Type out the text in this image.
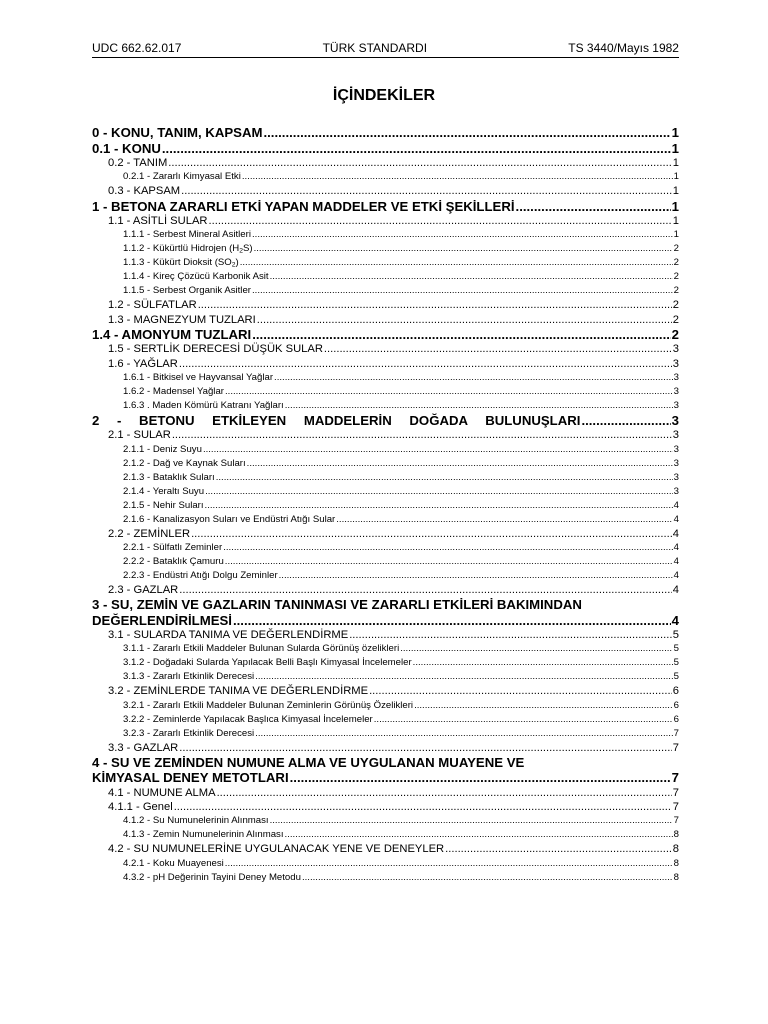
UDC 662.62.017	TÜRK STANDARDI	TS 3440/Mayıs 1982
İÇİNDEKİLER
0 - KONU, TANIM, KAPSAM .....	1
0.1 - KONU .....	1
0.2 - TANIM .....	1
0.2.1 - Zararlı Kimyasal Etki .....	1
0.3 - KAPSAM .....	1
1 - BETONA ZARARLI ETKİ YAPAN MADDELER VE ETKİ ŞEKİLLERİ .....	1
1.1 - ASİTLİ SULAR .....	1
1.1.1 - Serbest Mineral Asitleri .....	1
1.1.2 - Kükürtlü Hidrojen $(H_2S)$ .....	2
1.1.3 - Kükürt Dioksit $(SO_2)$ .....	2
1.1.4 - Kireç Çözücü Karbonik Asit .....	2
1.1.5 - Serbest Organik Asitler .....	2
1.2 - SÜLFATLAR .....	2
1.3 - MAGNEZYUM TUZLARI .....	2
1.4 - AMONYUM TUZLARI .....	2
1.5 - SERTLİK DERECESİ DÜŞÜK SULAR .....	3
1.6 - YAĞLAR .....	3
1.6.1 - Bitkisel ve Hayvansal Yağlar .....	3
1.6.2 - Madensel Yağlar .....	3
1.6.3 . Maden Kömürü Katranı Yağları .....	3
2 - BETONU ETKİLEYEN MADDELERİN DOĞADA BULUNUŞLARI .....	3
2.1 - SULAR .....	3
2.1.1 - Deniz Suyu .....	3
2.1.2 - Dağ ve Kaynak Suları .....	3
2.1.3 - Bataklık Suları .....	3
2.1.4 - Yeraltı Suyu .....	3
2.1.5 - Nehir Suları .....	4
2.1.6 - Kanalizasyon Suları ve Endüstri Atığı Sular .....	4
2.2 - ZEMİNLER .....	4
2.2.1 - Sülfatlı Zeminler .....	4
2.2.2 - Bataklık Çamuru .....	4
2.2.3 - Endüstri Atığı Dolgu Zeminler .....	4
2.3 - GAZLAR .....	4
3 - SU, ZEMİN VE GAZLARIN TANINMASI VE ZARARLI ETKİLERİ BAKIMINDAN
DEĞERLENDİRİLMESİ .....	4
3.1 - SULARDA TANIMA VE DEĞERLENDİRME .....	5
3.1.1 - Zararlı Etkili Maddeler Bulunan Sularda Görünüş özelikleri .....	5
3.1.2 - Doğadaki Sularda Yapılacak Belli Başlı Kimyasal İncelemeler .....	5
3.1.3 - Zararlı Etkinlik Derecesi .....	5
3.2 - ZEMİNLERDE TANIMA VE DEĞERLENDİRME .....	6
3.2.1 - Zararlı Etkili Maddeler Bulunan Zeminlerin Görünüş Özelikleri .....	6
3.2.2 - Zeminlerde Yapılacak Başlıca Kimyasal İncelemeler .....	6
3.2.3 - Zararlı Etkinlik Derecesi .....	7
3.3 - GAZLAR .....	7
4 - SU VE ZEMİNDEN NUMUNE ALMA VE UYGULANAN MUAYENE VE
KİMYASAL DENEY METOTLARI .....	7
4.1 - NUMUNE ALMA .....	7
4.1.1 - Genel .....	7
4.1.2 - Su Numunelerinin Alınması .....	7
4.1.3 - Zemin Numunelerinin Alınması .....	8
4.2 - SU NUMUNELERİNE UYGULANACAK YENE VE DENEYLER .....	8
4.2.1 - Koku Muayenesi .....	8
4.3.2 - pH Değerinin Tayini Deney Metodu .....	8
